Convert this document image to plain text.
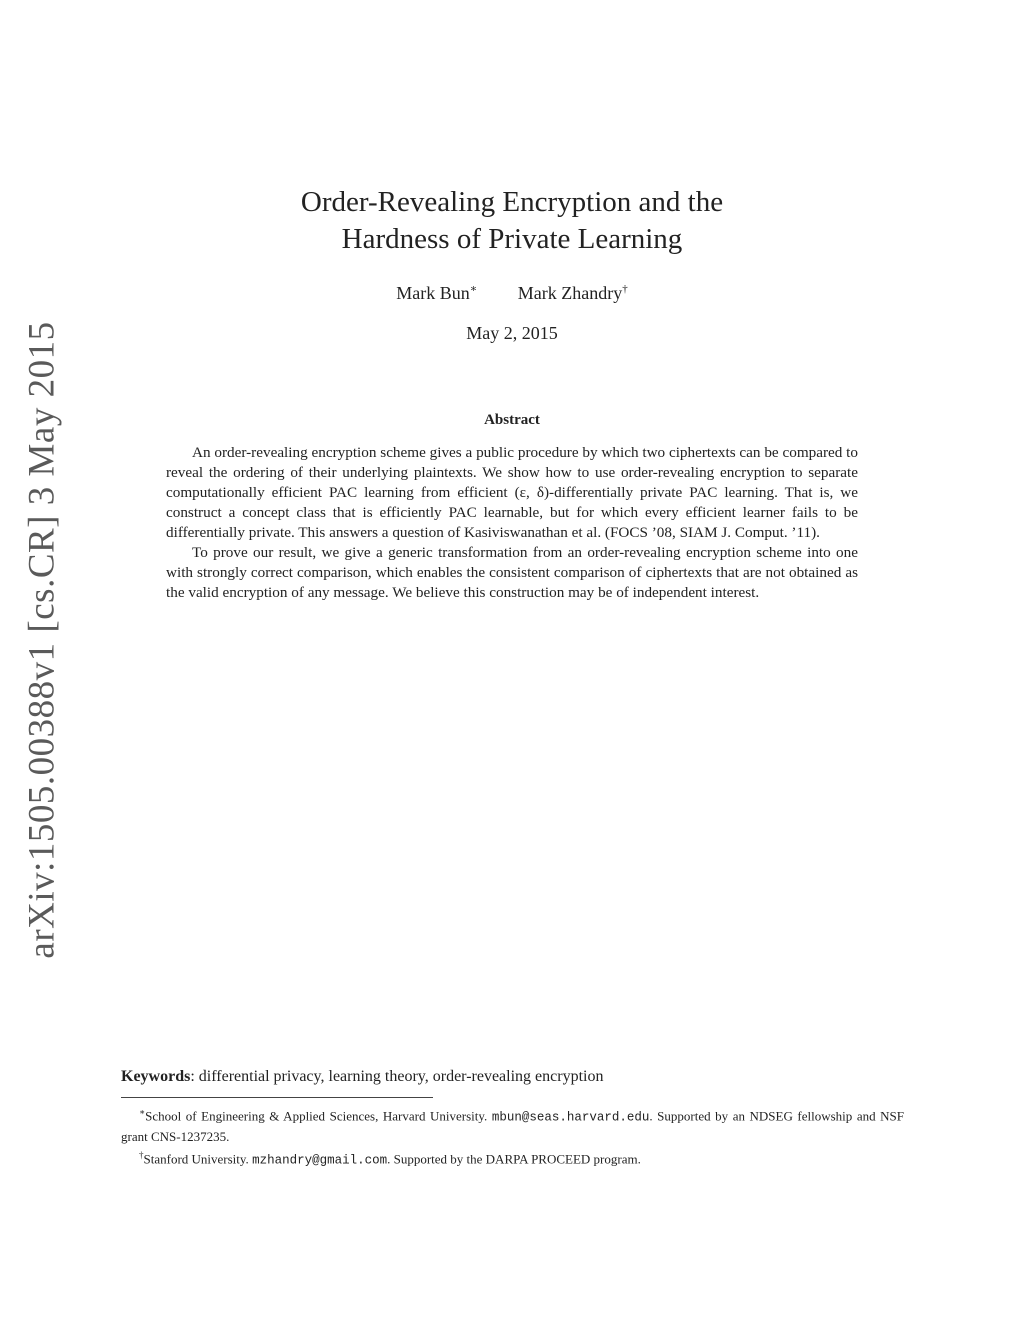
arXiv:1505.00388v1 [cs.CR] 3 May 2015
Order-Revealing Encryption and the
Hardness of Private Learning
Mark Bun∗ Mark Zhandry†
May 2, 2015
Abstract

An order-revealing encryption scheme gives a public procedure by which two ciphertexts can be compared to reveal the ordering of their underlying plaintexts. We show how to use order-revealing encryption to separate computationally efficient PAC learning from efficient (ε, δ)-differentially private PAC learning. That is, we construct a concept class that is efficiently PAC learnable, but for which every efficient learner fails to be differentially private. This answers a question of Kasiviswanathan et al. (FOCS ’08, SIAM J. Comput. ’11).

To prove our result, we give a generic transformation from an order-revealing encryption scheme into one with strongly correct comparison, which enables the consistent comparison of ciphertexts that are not obtained as the valid encryption of any message. We believe this construction may be of independent interest.

Keywords: differential privacy, learning theory, order-revealing encryption

∗School of Engineering & Applied Sciences, Harvard University. mbun@seas.harvard.edu. Supported by an NDSEG fellowship and NSF grant CNS-1237235.

†Stanford University. mzhandry@gmail.com. Supported by the DARPA PROCEED program.
